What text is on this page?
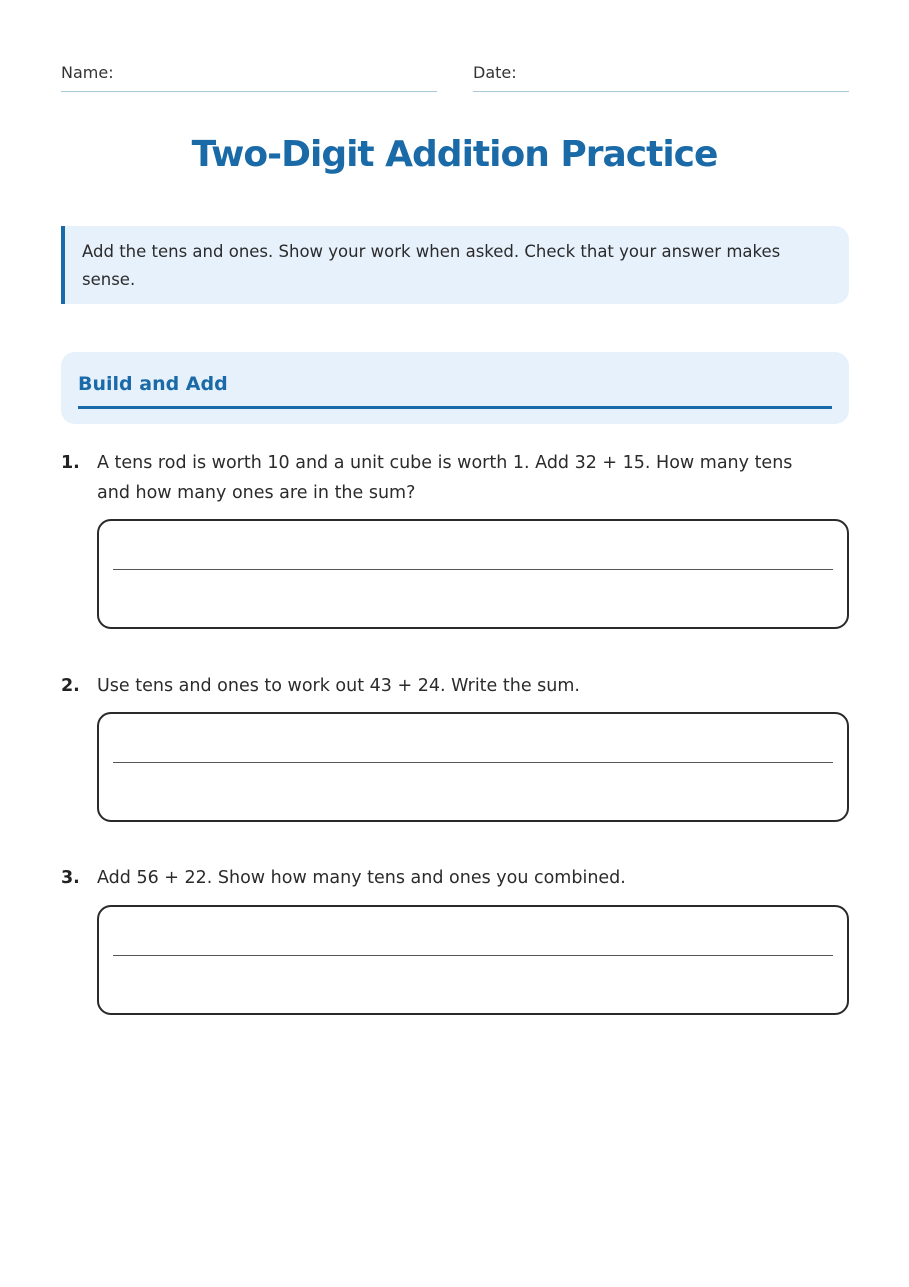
Name:	Date:
Two-Digit Addition Practice
Add the tens and ones. Show your work when asked. Check that your answer makes sense.
Build and Add
1. A tens rod is worth 10 and a unit cube is worth 1. Add 32 + 15. How many tens and how many ones are in the sum?
2. Use tens and ones to work out 43 + 24. Write the sum.
3. Add 56 + 22. Show how many tens and ones you combined.
